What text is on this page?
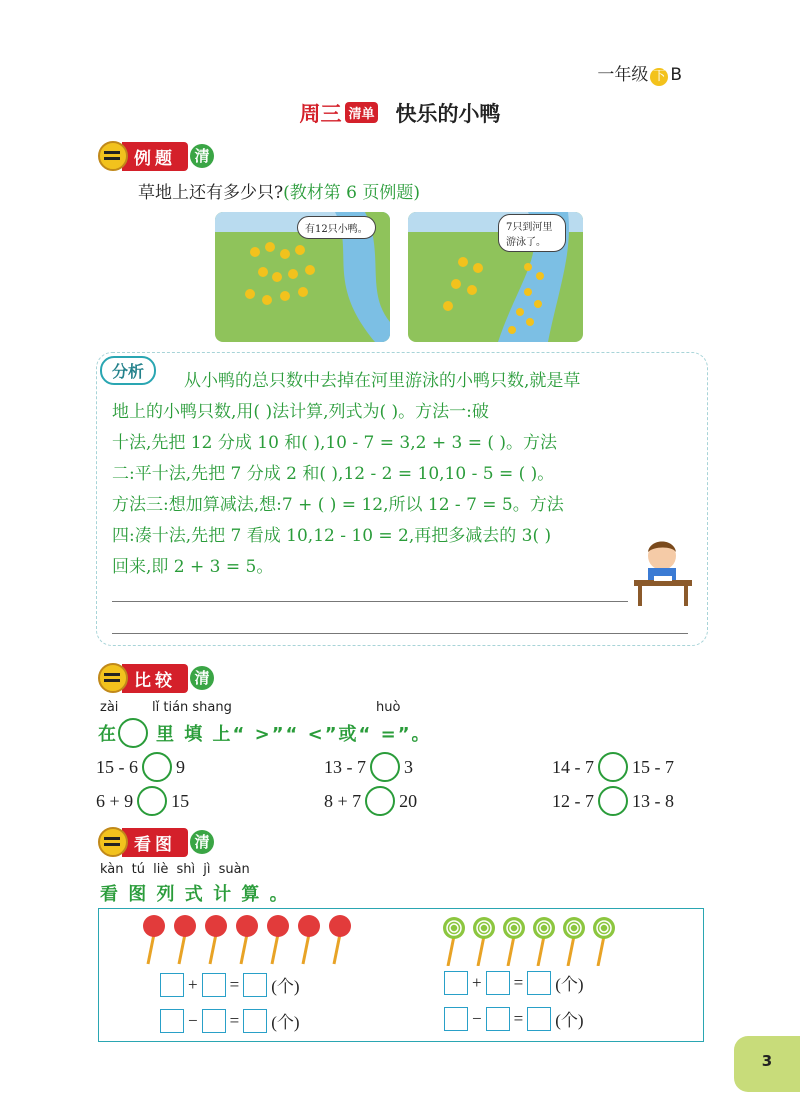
一年级 下 B
周三 清单 快乐的小鸭
例题	清
草地上还有多少只?(教材第 6 页例题)
有12只小鸭。	7只到河里游泳了。
分析	从小鸭的总只数中去掉在河里游泳的小鸭只数,就是草

地上的小鸭只数,用( )法计算,列式为( )。方法一:破

十法,先把 12 分成 10 和( ),10 - 7 = 3,2 + 3 = ( )。方法

二:平十法,先把 7 分成 2 和( ),12 - 2 = 10,10 - 5 = ( )。

方法三:想加算减法,想:7 + ( ) = 12,所以 12 - 7 = 5。方法

四:凑十法,先把 7 看成 10,12 - 10 = 2,再把多减去的 3( )

回来,即 2 + 3 = 5。

比较	清
zài	lǐ tián shang	huò
在 里 填 上“ >”“ <”或“ =”。
15 - 6 9	13 - 7 3	14 - 7 15 - 7
6 + 9 15	8 + 7 20	12 - 7 13 - 8
看图	清
kàn tú liè shì jì suàn
看 图 列 式 计 算 。
+ = (个)
− = (个)
+ = (个)
− = (个)
3
